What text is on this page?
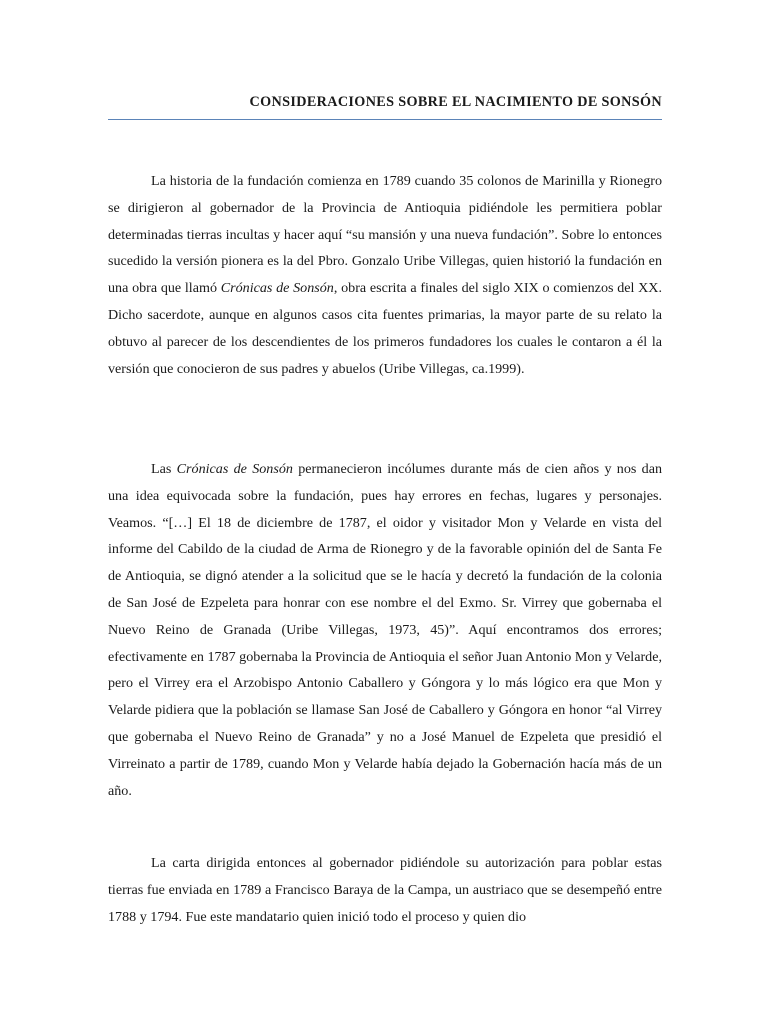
CONSIDERACIONES SOBRE EL NACIMIENTO DE SONSÓN

La historia de la fundación comienza en 1789 cuando 35 colonos de Marinilla y Rionegro se dirigieron al gobernador de la Provincia de Antioquia pidiéndole les permitiera poblar determinadas tierras incultas y hacer aquí “su mansión y una nueva fundación”. Sobre lo entonces sucedido la versión pionera es la del Pbro. Gonzalo Uribe Villegas, quien historió la fundación en una obra que llamó Crónicas de Sonsón, obra escrita a finales del siglo XIX o comienzos del XX. Dicho sacerdote, aunque en algunos casos cita fuentes primarias, la mayor parte de su relato la obtuvo al parecer de los descendientes de los primeros fundadores los cuales le contaron a él la versión que conocieron de sus padres y abuelos (Uribe Villegas, ca.1999).

Las Crónicas de Sonsón permanecieron incólumes durante más de cien años y nos dan una idea equivocada sobre la fundación, pues hay errores en fechas, lugares y personajes. Veamos. “[…] El 18 de diciembre de 1787, el oidor y visitador Mon y Velarde en vista del informe del Cabildo de la ciudad de Arma de Rionegro y de la favorable opinión del de Santa Fe de Antioquia, se dignó atender a la solicitud que se le hacía y decretó la fundación de la colonia de San José de Ezpeleta para honrar con ese nombre el del Exmo. Sr. Virrey que gobernaba el Nuevo Reino de Granada (Uribe Villegas, 1973, 45)”. Aquí encontramos dos errores; efectivamente en 1787 gobernaba la Provincia de Antioquia el señor Juan Antonio Mon y Velarde, pero el Virrey era el Arzobispo Antonio Caballero y Góngora y lo más lógico era que Mon y Velarde pidiera que la población se llamase San José de Caballero y Góngora en honor “al Virrey que gobernaba el Nuevo Reino de Granada” y no a José Manuel de Ezpeleta que presidió el Virreinato a partir de 1789, cuando Mon y Velarde había dejado la Gobernación hacía más de un año.

La carta dirigida entonces al gobernador pidiéndole su autorización para poblar estas tierras fue enviada en 1789 a Francisco Baraya de la Campa, un austriaco que se desempeñó entre 1788 y 1794. Fue este mandatario quien inició todo el proceso y quien dio
